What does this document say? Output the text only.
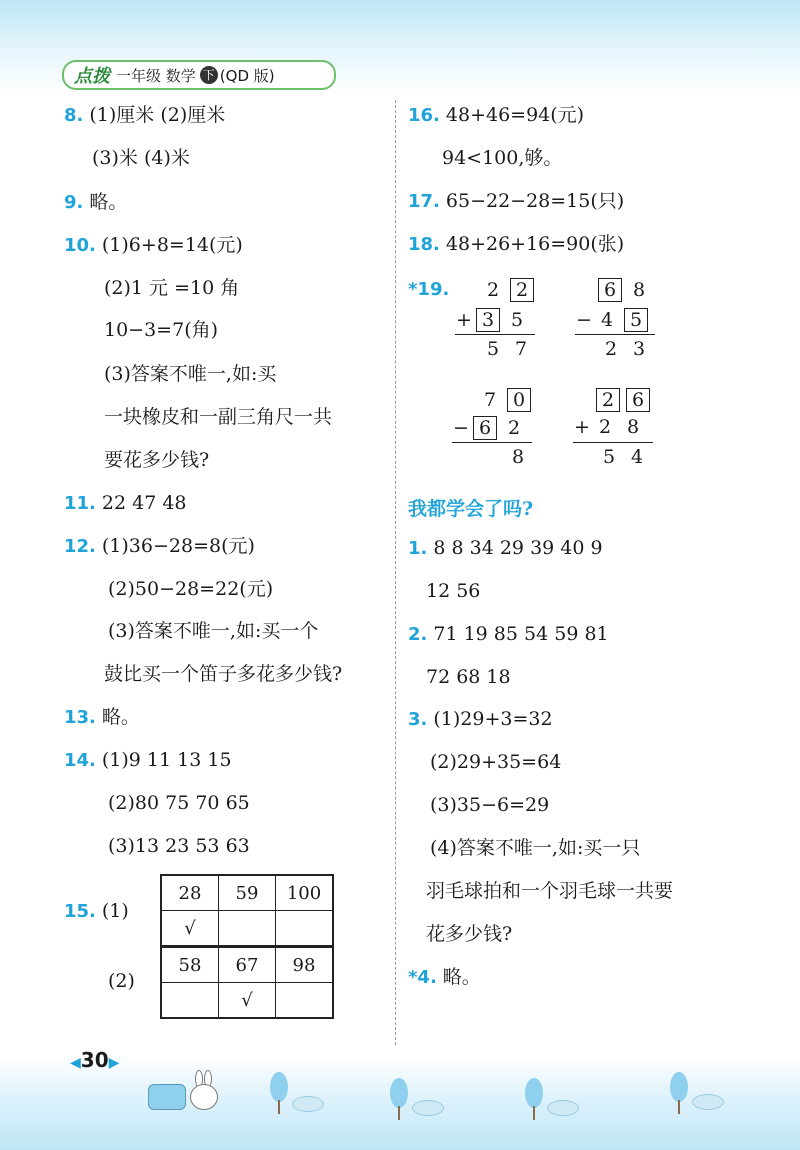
点拨 一年级 数学 下 (QD 版)
8. (1)厘米 (2)厘米
(3)米 (4)米
9. 略。
10. (1)6+8=14(元)
(2)1 元 =10 角
10−3=7(角)
(3)答案不唯一,如:买
一块橡皮和一副三角尺一共
要花多少钱?
11. 22 47 48
12. (1)36−28=8(元)
(2)50−28=22(元)
(3)答案不唯一,如:买一个
鼓比买一个笛子多花多少钱?
13. 略。
14. (1)9 11 13 15
(2)80 75 70 65
(3)13 23 53 63
15. (1)
28	59	100
√		
(2)
58	67	98
	√	
16. 48+46=94(元)
94<100,够。
17. 65−22−28=15(只)
18. 48+26+16=90(张)
*19.	2 2
+ 3 5
5 7
6 8
− 4 5
2 3
7 0
− 6 2
8
2 6
+ 2 8
5 4
我都学会了吗?
1. 8 8 34 29 39 40 9
12 56
2. 71 19 85 54 59 81
72 68 18
3. (1)29+3=32
(2)29+35=64
(3)35−6=29
(4)答案不唯一,如:买一只
羽毛球拍和一个羽毛球一共要
花多少钱?
*4. 略。
◀30▶
